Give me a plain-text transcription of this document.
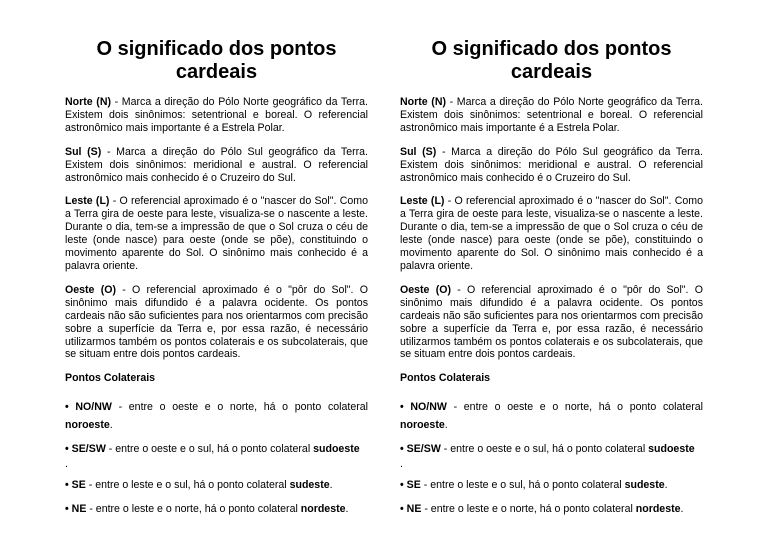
O significado dos pontos cardeais

Norte (N) - Marca a direção do Pólo Norte geográfico da Terra. Existem dois sinônimos: setentrional e boreal. O referencial astronômico mais importante é a Estrela Polar.

Sul (S) - Marca a direção do Pólo Sul geográfico da Terra. Existem dois sinônimos: meridional e austral. O referencial astronômico mais conhecido é o Cruzeiro do Sul.

Leste (L) - O referencial aproximado é o "nascer do Sol". Como a Terra gira de oeste para leste, visualiza-se o nascente a leste. Durante o dia, tem-se a impressão de que o Sol cruza o céu de leste (onde nasce) para oeste (onde se põe), constituindo o movimento aparente do Sol. O sinônimo mais conhecido é a palavra oriente.

Oeste (O) - O referencial aproximado é o "pôr do Sol". O sinônimo mais difundido é a palavra ocidente. Os pontos cardeais não são suficientes para nos orientarmos com precisão sobre a superfície da Terra e, por essa razão, é necessário utilizarmos também os pontos colaterais e os subcolaterais, que se situam entre dois pontos cardeais.

Pontos Colaterais
• NO/NW - entre o oeste e o norte, há o ponto colateral noroeste.
• SE/SW - entre o oeste e o sul, há o ponto colateral sudoeste
.
• SE - entre o leste e o sul, há o ponto colateral sudeste.
• NE - entre o leste e o norte, há o ponto colateral nordeste.
O significado dos pontos cardeais

Norte (N) - Marca a direção do Pólo Norte geográfico da Terra. Existem dois sinônimos: setentrional e boreal. O referencial astronômico mais importante é a Estrela Polar.

Sul (S) - Marca a direção do Pólo Sul geográfico da Terra. Existem dois sinônimos: meridional e austral. O referencial astronômico mais conhecido é o Cruzeiro do Sul.

Leste (L) - O referencial aproximado é o "nascer do Sol". Como a Terra gira de oeste para leste, visualiza-se o nascente a leste. Durante o dia, tem-se a impressão de que o Sol cruza o céu de leste (onde nasce) para oeste (onde se põe), constituindo o movimento aparente do Sol. O sinônimo mais conhecido é a palavra oriente.

Oeste (O) - O referencial aproximado é o "pôr do Sol". O sinônimo mais difundido é a palavra ocidente. Os pontos cardeais não são suficientes para nos orientarmos com precisão sobre a superfície da Terra e, por essa razão, é necessário utilizarmos também os pontos colaterais e os subcolaterais, que se situam entre dois pontos cardeais.

Pontos Colaterais
• NO/NW - entre o oeste e o norte, há o ponto colateral noroeste.
• SE/SW - entre o oeste e o sul, há o ponto colateral sudoeste
.
• SE - entre o leste e o sul, há o ponto colateral sudeste.
• NE - entre o leste e o norte, há o ponto colateral nordeste.
